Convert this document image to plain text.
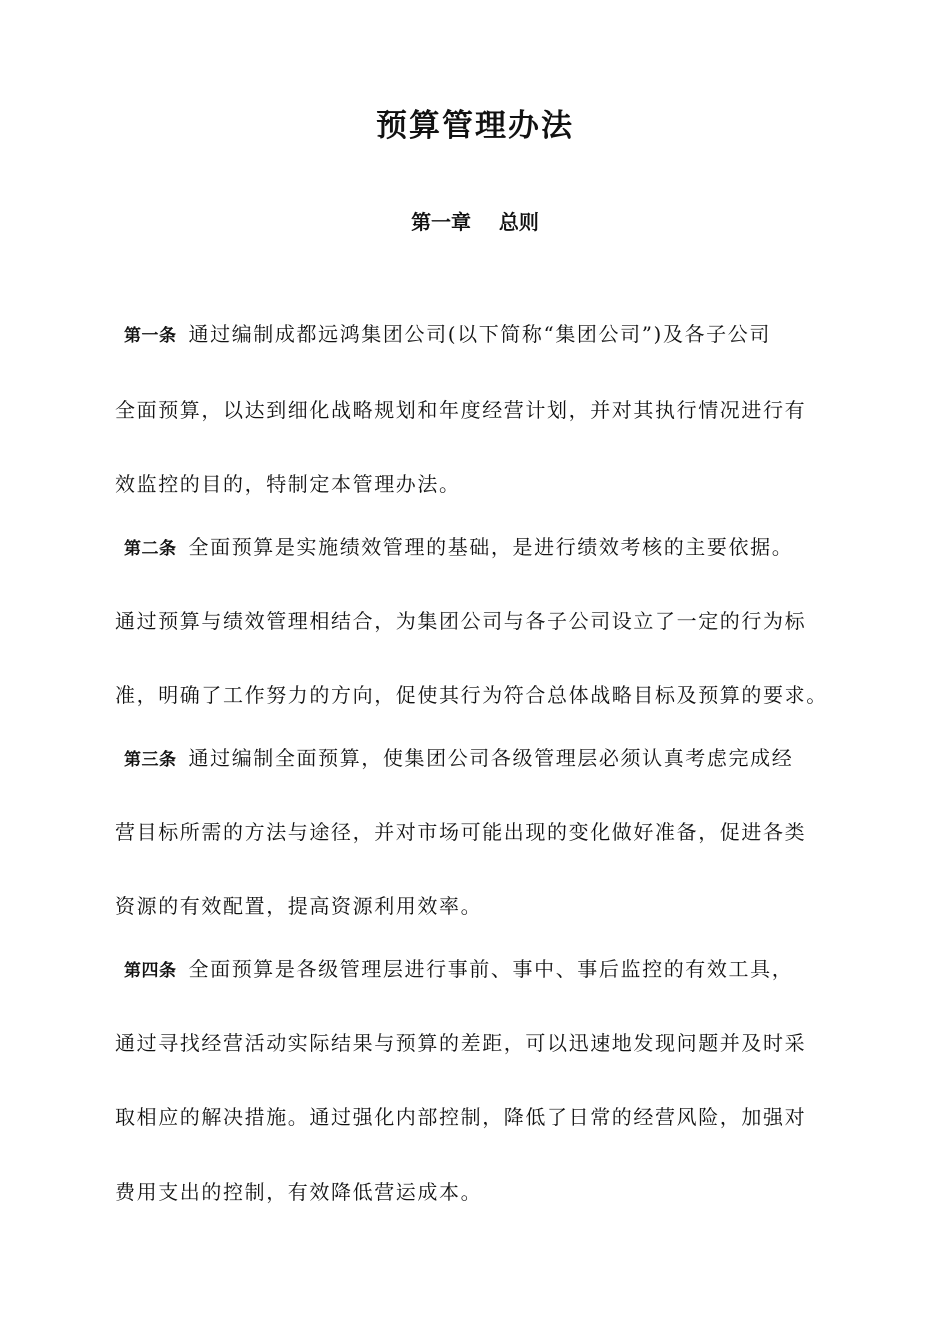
预算管理办法
第一章    总则
第一条 通过编制成都远鸿集团公司(以下简称“集团公司”)及各子公司
全面预算，以达到细化战略规划和年度经营计划，并对其执行情况进行有
效监控的目的，特制定本管理办法。
第二条 全面预算是实施绩效管理的基础，是进行绩效考核的主要依据。
通过预算与绩效管理相结合，为集团公司与各子公司设立了一定的行为标
准，明确了工作努力的方向，促使其行为符合总体战略目标及预算的要求。
第三条 通过编制全面预算，使集团公司各级管理层必须认真考虑完成经
营目标所需的方法与途径，并对市场可能出现的变化做好准备，促进各类
资源的有效配置，提高资源利用效率。
第四条 全面预算是各级管理层进行事前、事中、事后监控的有效工具，
通过寻找经营活动实际结果与预算的差距，可以迅速地发现问题并及时采
取相应的解决措施。通过强化内部控制，降低了日常的经营风险，加强对
费用支出的控制，有效降低营运成本。
